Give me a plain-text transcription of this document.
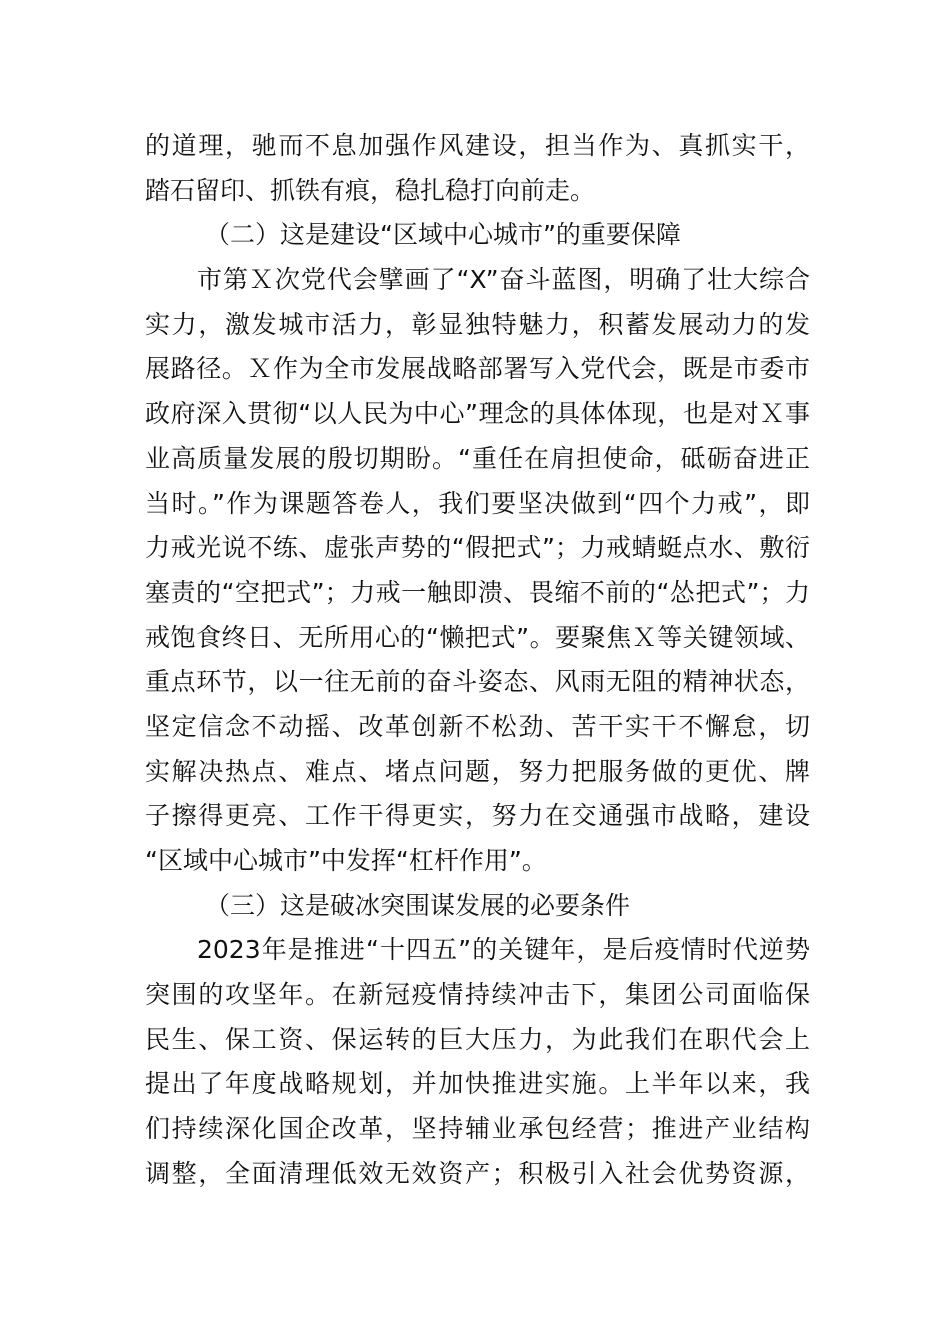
的道理，驰而不息加强作风建设，担当作为、真抓实干，
踏石留印、抓铁有痕，稳扎稳打向前走。
（二）这是建设“区域中心城市”的重要保障
市第Ｘ次党代会擘画了“X”奋斗蓝图，明确了壮大综合
实力，激发城市活力，彰显独特魅力，积蓄发展动力的发
展路径。Ｘ作为全市发展战略部署写入党代会，既是市委市
政府深入贯彻“以人民为中心”理念的具体体现，也是对Ｘ事
业高质量发展的殷切期盼。“重任在肩担使命，砥砺奋进正
当时。”作为课题答卷人，我们要坚决做到“四个力戒”，即
力戒光说不练、虚张声势的“假把式”；力戒蜻蜓点水、敷衍
塞责的“空把式”；力戒一触即溃、畏缩不前的“怂把式”；力
戒饱食终日、无所用心的“懒把式”。要聚焦Ｘ等关键领域、
重点环节，以一往无前的奋斗姿态、风雨无阻的精神状态，
坚定信念不动摇、改革创新不松劲、苦干实干不懈怠，切
实解决热点、难点、堵点问题，努力把服务做的更优、牌
子擦得更亮、工作干得更实，努力在交通强市战略，建设
“区域中心城市”中发挥“杠杆作用”。
（三）这是破冰突围谋发展的必要条件
2023年是推进“十四五”的关键年，是后疫情时代逆势
突围的攻坚年。在新冠疫情持续冲击下，集团公司面临保
民生、保工资、保运转的巨大压力，为此我们在职代会上
提出了年度战略规划，并加快推进实施。上半年以来，我
们持续深化国企改革，坚持辅业承包经营；推进产业结构
调整，全面清理低效无效资产；积极引入社会优势资源，
